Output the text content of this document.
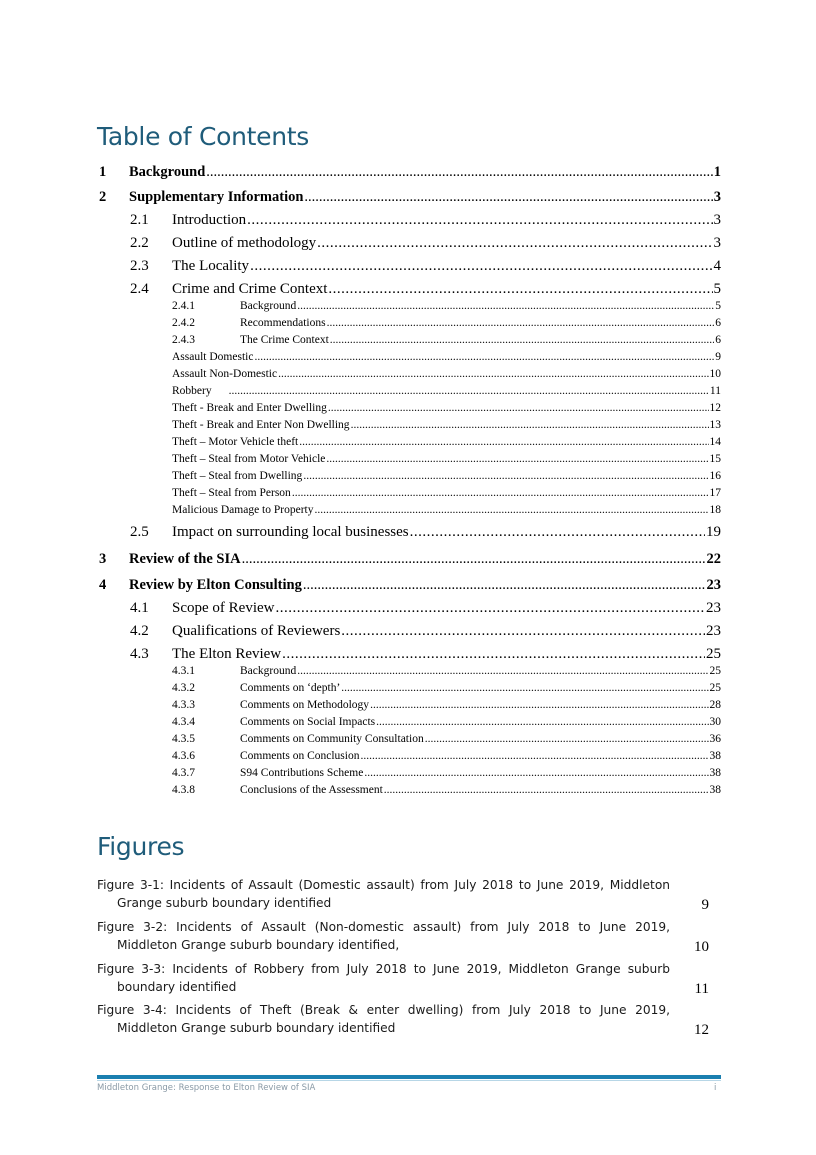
Table of Contents
1	Background .....	1
2	Supplementary Information .....	3
2.1	Introduction .....	3
2.2	Outline of methodology .....	3
2.3	The Locality .....	4
2.4	Crime and Crime Context .....	5
2.4.1	Background .....	5
2.4.2	Recommendations .....	6
2.4.3	The Crime Context .....	6
Assault Domestic .....	9
Assault Non-Domestic .....	10
Robbery .....	11
Theft - Break and Enter Dwelling .....	12
Theft - Break and Enter Non Dwelling .....	13
Theft – Motor Vehicle theft .....	14
Theft – Steal from Motor Vehicle .....	15
Theft – Steal from Dwelling .....	16
Theft – Steal from Person .....	17
Malicious Damage to Property .....	18
2.5	Impact on surrounding local businesses .....	19
3	Review of the SIA .....	22
4	Review by Elton Consulting .....	23
4.1	Scope of Review .....	23
4.2	Qualifications of Reviewers .....	23
4.3	The Elton Review .....	25
4.3.1	Background .....	25
4.3.2	Comments on ‘depth’ .....	25
4.3.3	Comments on Methodology .....	28
4.3.4	Comments on Social Impacts .....	30
4.3.5	Comments on Community Consultation .....	36
4.3.6	Comments on Conclusion .....	38
4.3.7	S94 Contributions Scheme .....	38
4.3.8	Conclusions of the Assessment .....	38
Figures
Figure 3-1: Incidents of Assault (Domestic assault) from July 2018 to June 2019, Middleton
Grange suburb boundary identified	9
Figure 3-2: Incidents of Assault (Non-domestic assault) from July 2018 to June 2019,
Middleton Grange suburb boundary identified,	10
Figure 3-3: Incidents of Robbery from July 2018 to June 2019, Middleton Grange suburb
boundary identified	11
Figure 3-4: Incidents of Theft (Break & enter dwelling) from July 2018 to June 2019,
Middleton Grange suburb boundary identified	12
Middleton Grange: Response to Elton Review of SIA	i
